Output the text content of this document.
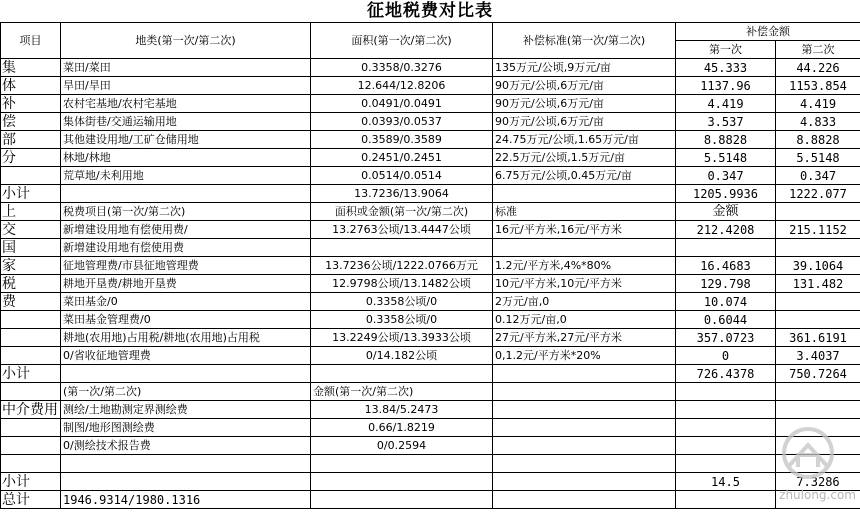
征地税费对比表
项目	地类(第一次/第二次)	面积(第一次/第二次)	补偿标准(第一次/第二次)	补偿金额	
				第一次	第二次
集	菜田/菜田	0.3358/0.3276	135万元/公顷,9万元/亩	45.333	44.226
体	旱田/旱田	12.644/12.8206	90万元/公顷,6万元/亩	1137.96	1153.854
补	农村宅基地/农村宅基地	0.0491/0.0491	90万元/公顷,6万元/亩	4.419	4.419
偿	集体街巷/交通运输用地	0.0393/0.0537	90万元/公顷,6万元/亩	3.537	4.833
部	其他建设用地/工矿仓储用地	0.3589/0.3589	24.75万元/公顷,1.65万元/亩	8.8828	8.8828
分	林地/林地	0.2451/0.2451	22.5万元/公顷,1.5万元/亩	5.5148	5.5148
	荒草地/未利用地	0.0514/0.0514	6.75万元/公顷,0.45万元/亩	0.347	0.347
小计		13.7236/13.9064		1205.9936	1222.077
上	税费项目(第一次/第二次)	面积或金额(第一次/第二次)	标准	金额	
交	新增建设用地有偿使用费/	13.2763公顷/13.4447公顷	16元/平方米,16元/平方米	212.4208	215.1152
国	新增建设用地有偿使用费				
家	征地管理费/市县征地管理费	13.7236公顷/1222.0766万元	1.2元/平方米,4%*80%	16.4683	39.1064
税	耕地开垦费/耕地开垦费	12.9798公顷/13.1482公顷	10元/平方米,10元/平方米	129.798	131.482
费	菜田基金/0	0.3358公顷/0	2万元/亩,0	10.074	
	菜田基金管理费/0	0.3358公顷/0	0.12万元/亩,0	0.6044	
	耕地(农用地)占用税/耕地(农用地)占用税	13.2249公顷/13.3933公顷	27元/平方米,27元/平方米	357.0723	361.6191
	0/省收征地管理费	0/14.182公顷	0,1.2元/平方米*20%	0	3.4037
小计				726.4378	750.7264
	(第一次/第二次)	金额(第一次/第二次)			
中介费用	测绘/土地勘测定界测绘费	13.84/5.2473			
	制图/地形图测绘费	0.66/1.8219			
	0/测绘技术报告费	0/0.2594			

小计				14.5	7.3286
总计	1946.9314/1980.1316					zhulong.com
